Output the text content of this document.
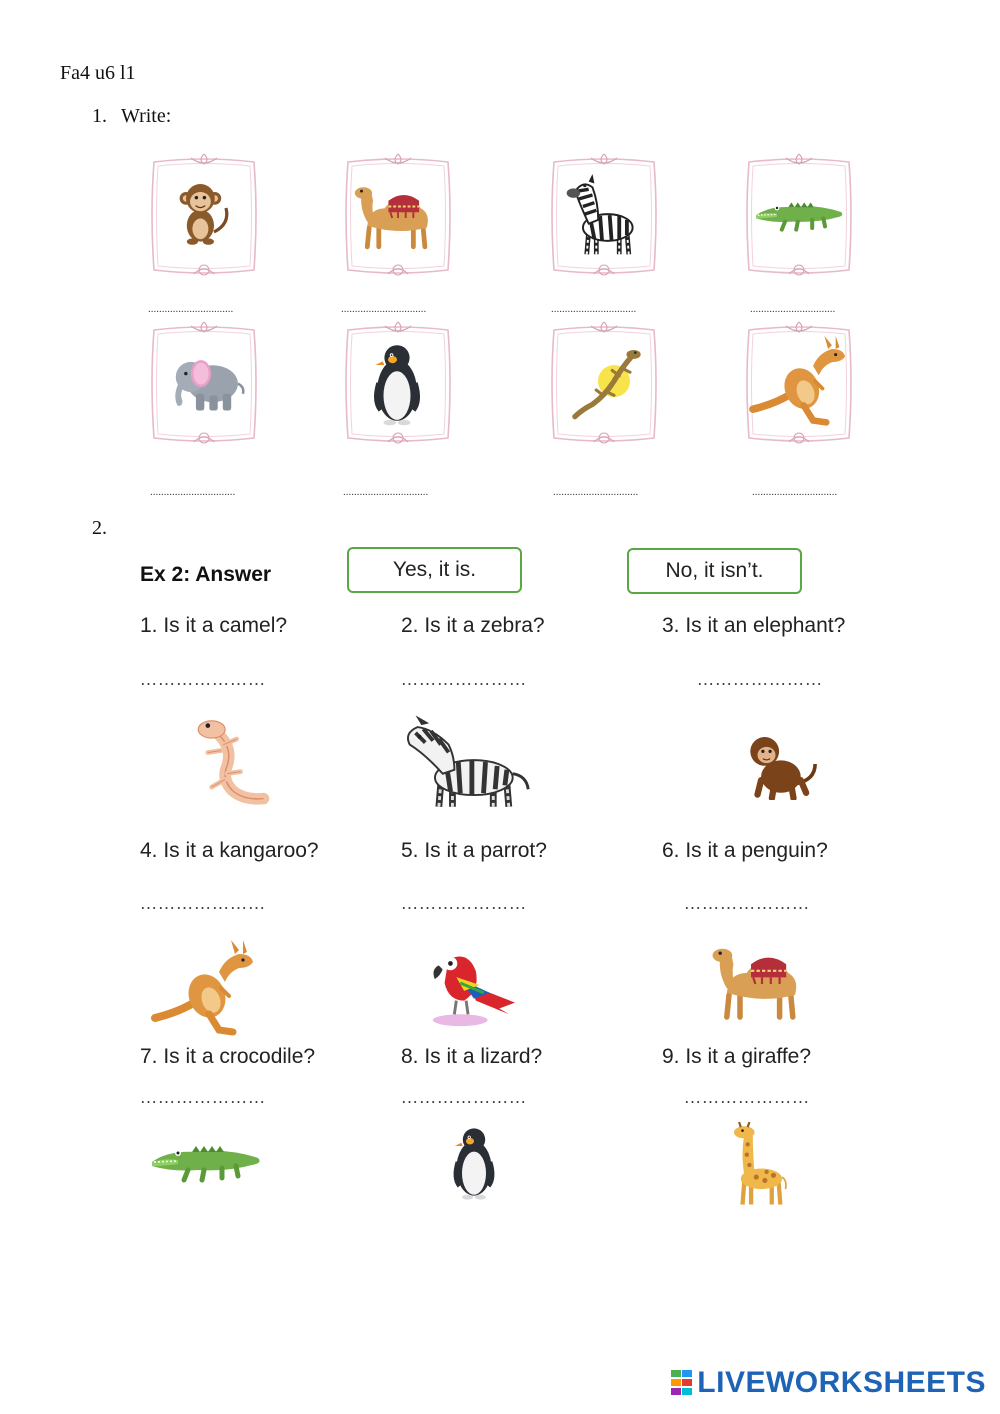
Fa4 u6 l1
1. Write:
...............................	...............................	...............................	...............................
...............................	...............................	...............................	...............................
2.
Ex 2: Answer	Yes, it is.	No, it isn’t.
1. Is it a camel?	2. Is it a zebra?	3. Is it an elephant?
…………………	…………………	…………………
4. Is it a kangaroo?	5. Is it a parrot?	6. Is it a penguin?
…………………	…………………	…………………
7. Is it a crocodile?	8. Is it a lizard?	9. Is it a giraffe?
…………………	…………………	…………………
LIVEWORKSHEETS
